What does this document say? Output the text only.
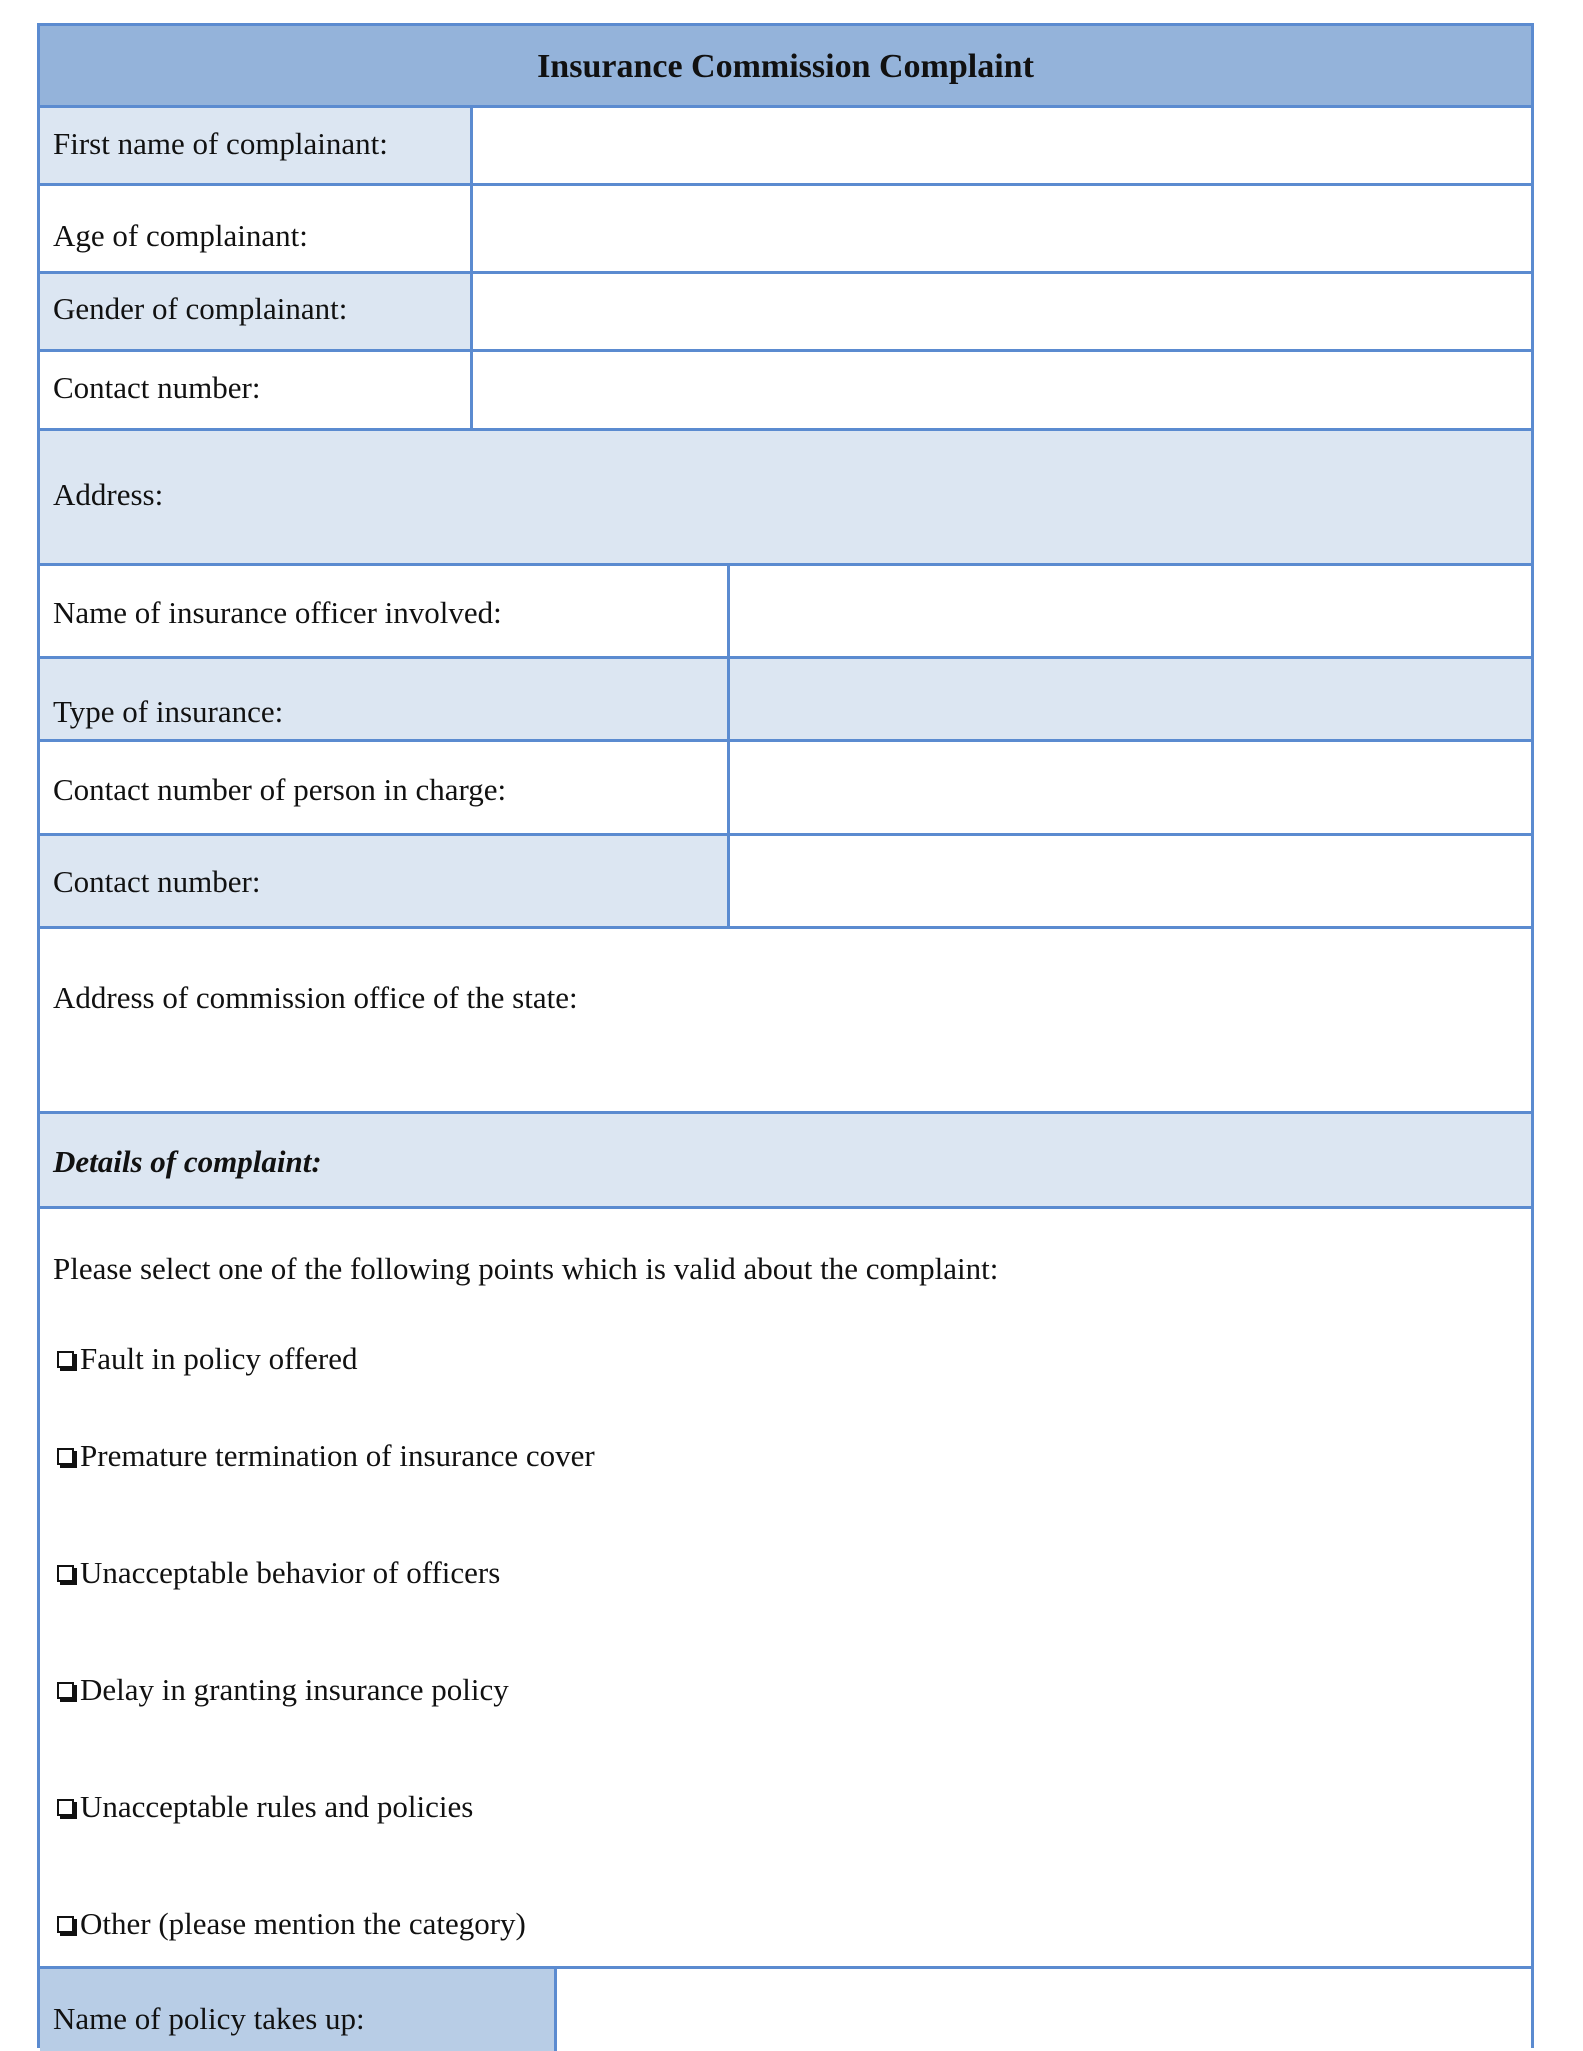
Insurance Commission Complaint
First name of complainant:
Age of complainant:
Gender of complainant:
Contact number:
Address:
Name of insurance officer involved:
Type of insurance:
Contact number of person in charge:
Contact number:
Address of commission office of the state:
Details of complaint:
Please select one of the following points which is valid about the complaint:
Fault in policy offered
Premature termination of insurance cover
Unacceptable behavior of officers
Delay in granting insurance policy
Unacceptable rules and policies
Other (please mention the category)
Name of policy takes up:
